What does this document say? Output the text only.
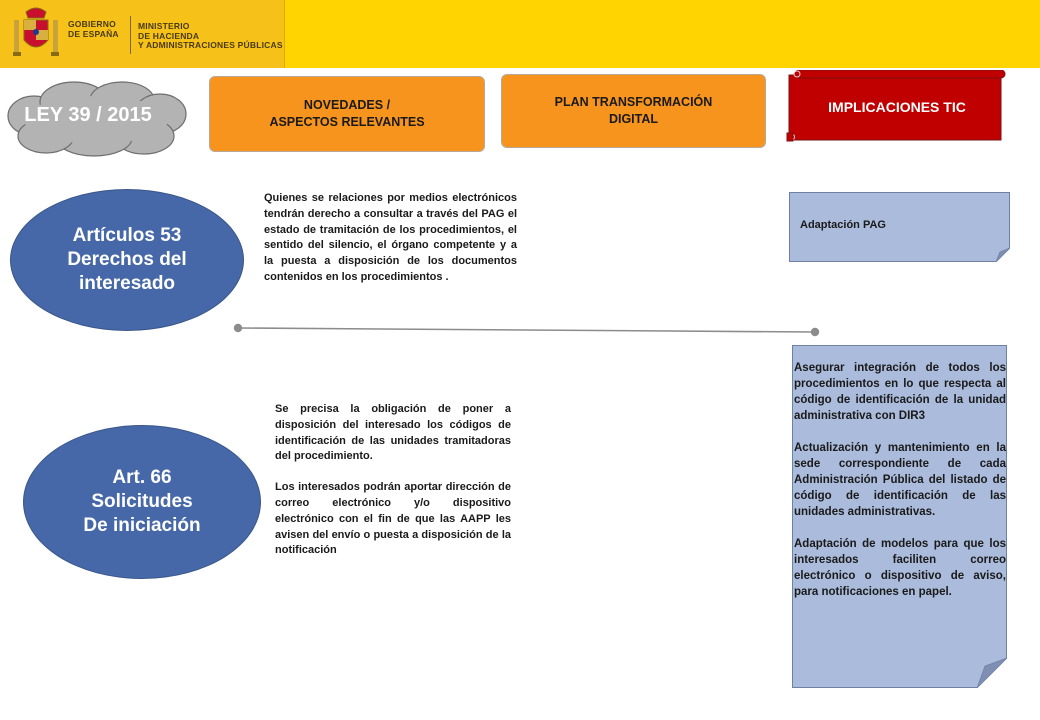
GOBIERNO
DE ESPAÑA
MINISTERIO
DE HACIENDA
Y ADMINISTRACIONES PÚBLICAS
LEY 39 / 2015	NOVEDADES /
ASPECTOS RELEVANTES
PLAN TRANSFORMACIÓN
DIGITAL
IMPLICACIONES TIC
Artículos 53
Derechos del
interesado

Quienes se relaciones por medios electrónicos tendrán derecho a consultar a través del PAG el estado de tramitación de los procedimientos, el sentido del silencio, el órgano competente y a la puesta a disposición de los documentos contenidos en los procedimientos .

Adaptación PAG
Art. 66
Solicitudes
De iniciación

Se precisa la obligación de poner a disposición del interesado los códigos de identificación de las unidades tramitadoras del procedimiento.

Los interesados podrán aportar dirección de correo electrónico y/o dispositivo electrónico con el fin de que las AAPP les avisen del envío o puesta a disposición de la notificación

Asegurar integración de todos los procedimientos en lo que respecta al código de identificación de la unidad administrativa con DIR3

Actualización y mantenimiento en la sede correspondiente de cada Administración Pública del listado de código de identificación de las unidades administrativas.

Adaptación de modelos para que los interesados faciliten correo electrónico o dispositivo de aviso, para notificaciones en papel.
